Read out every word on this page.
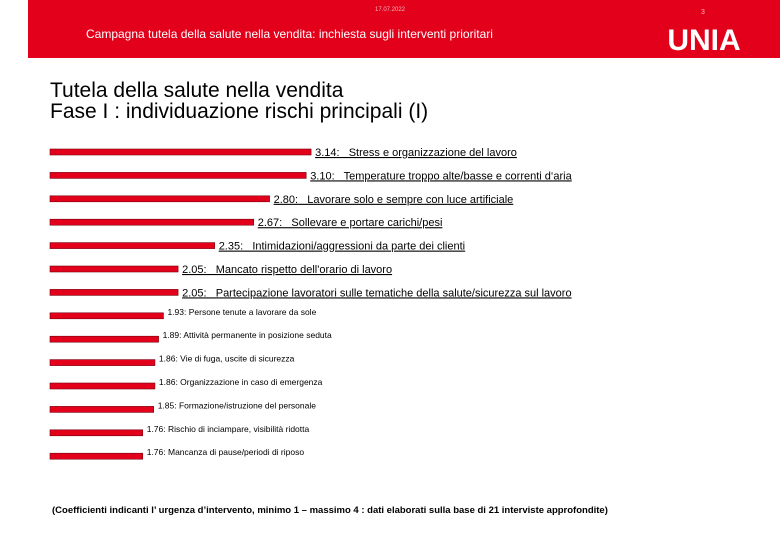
17.07.2022	3
Campagna tutela della salute nella vendita: inchiesta sugli interventi prioritari	UNIA
Tutela della salute nella vendita
Fase I : individuazione rischi principali (I)
3.14:   Stress e organizzazione del lavoro
3.10:   Temperature troppo alte/basse e correnti d‘aria
2.80:   Lavorare solo e sempre con luce artificiale
2.67:   Sollevare e portare carichi/pesi
2.35:   Intimidazioni/aggressioni da parte dei clienti
2.05:   Mancato rispetto dell'orario di lavoro
2.05:   Partecipazione lavoratori sulle tematiche della salute/sicurezza sul lavoro
1.93: Persone tenute a lavorare da sole
1.89: Attività permanente in posizione seduta
1.86: Vie di fuga, uscite di sicurezza
1.86: Organizzazione in caso di emergenza
1.85: Formazione/istruzione del personale
1.76: Rischio di inciampare, visibilità ridotta
1.76: Mancanza di pause/periodi di riposo
(Coefficienti indicanti l’ urgenza d’intervento, minimo 1 – massimo 4 : dati elaborati sulla base di 21 interviste approfondite)
